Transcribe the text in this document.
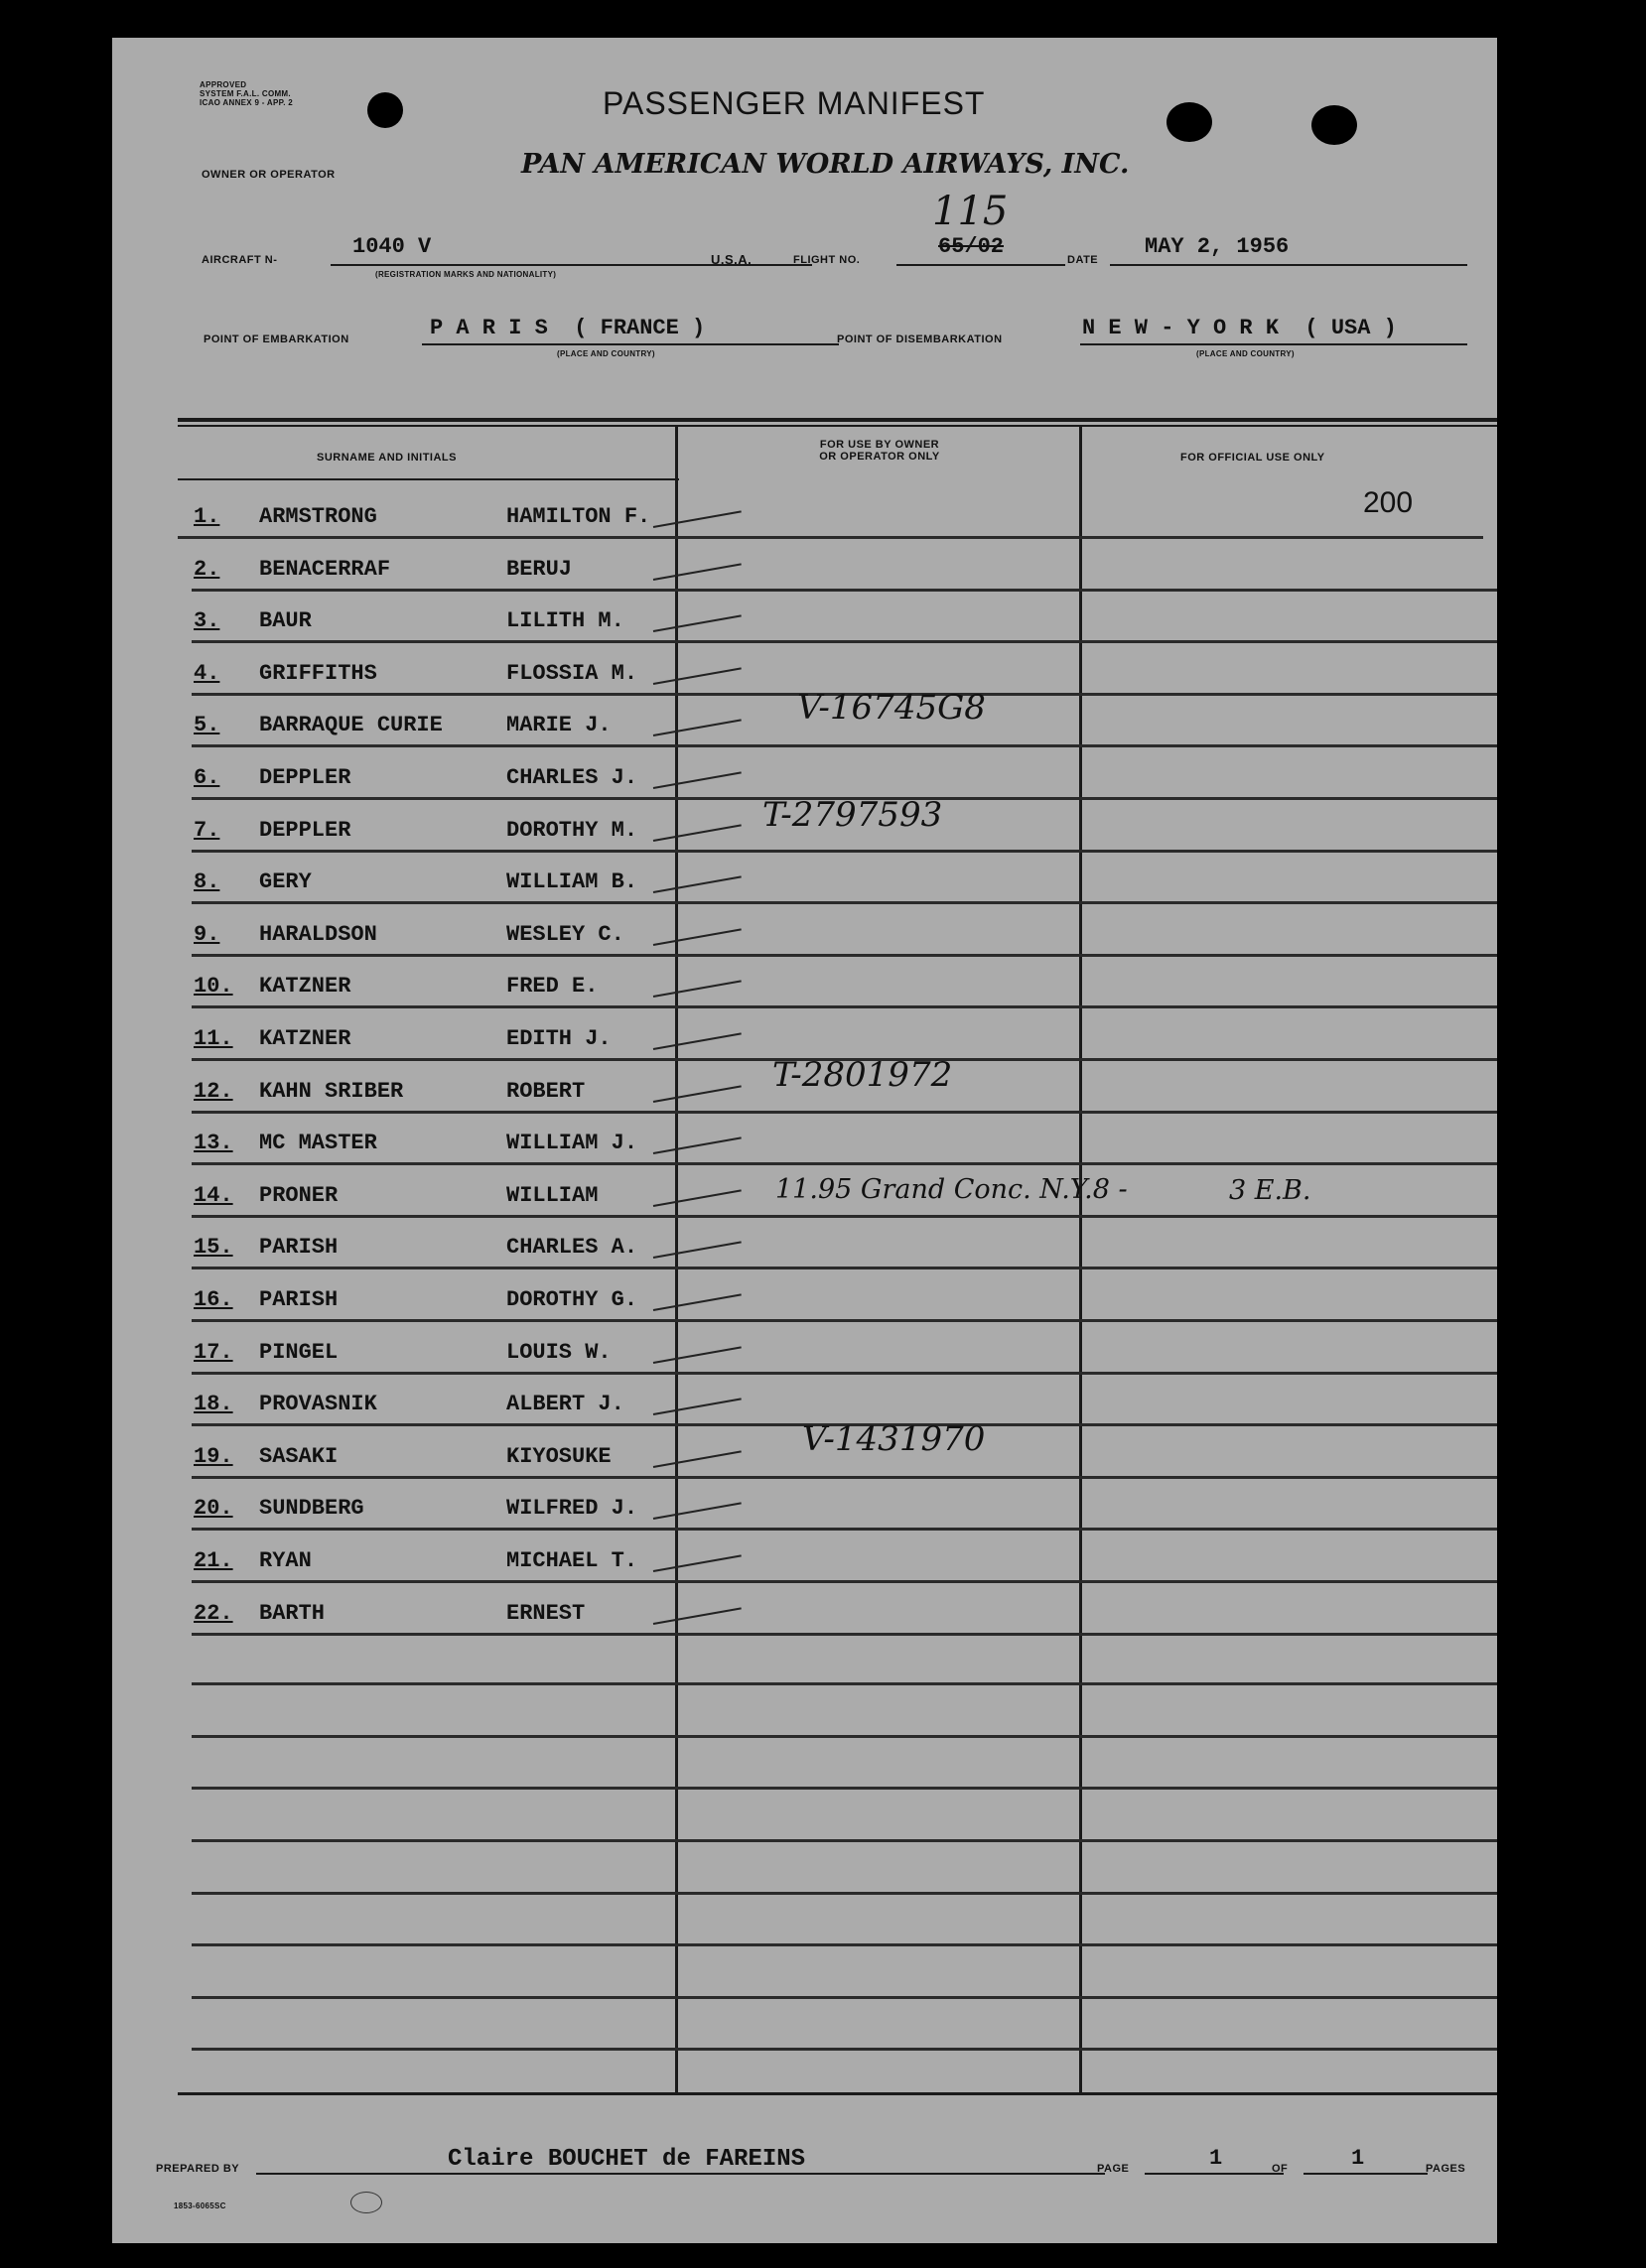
APPROVED
SYSTEM F.A.L. COMM.
ICAO ANNEX 9 - APP. 2	PASSENGER MANIFEST
OWNER OR OPERATOR	PAN AMERICAN WORLD AIRWAYS, INC.
AIRCRAFT N-
1040 V
(REGISTRATION MARKS AND NATIONALITY)
U.S.A.	FLIGHT NO.
65/02
115
DATE
MAY 2, 1956
POINT OF EMBARKATION	P A R I S  ( FRANCE )
(PLACE AND COUNTRY)
POINT OF DISEMBARKATION	N E W - Y O R K  ( USA )
(PLACE AND COUNTRY)
SURNAME AND INITIALS
FOR USE BY OWNER
OR OPERATOR ONLY	FOR OFFICIAL USE ONLY
200
1.	ARMSTRONG	HAMILTON F.
2.	BENACERRAF	BERUJ
3.	BAUR	LILITH M.
4.	GRIFFITHS	FLOSSIA M.
5.	BARRAQUE CURIE	MARIE J.
6.	DEPPLER	CHARLES J.
7.	DEPPLER	DOROTHY M.
8.	GERY	WILLIAM B.
9.	HARALDSON	WESLEY C.
10.	KATZNER	FRED E.
11.	KATZNER	EDITH J.
12.	KAHN SRIBER	ROBERT
13.	MC MASTER	WILLIAM J.
14.	PRONER	WILLIAM
15.	PARISH	CHARLES A.
16.	PARISH	DOROTHY G.
17.	PINGEL	LOUIS W.
18.	PROVASNIK	ALBERT J.
19.	SASAKI	KIYOSUKE
20.	SUNDBERG	WILFRED J.
21.	RYAN	MICHAEL T.
22.	BARTH	ERNEST
V-16745G8
T-2797593
T-2801972
11.95 Grand Conc. N.Y.8 -	3 E.B.
V-1431970
PREPARED BY	Claire BOUCHET de FAREINS	PAGE	1	OF	1	PAGES
1853-6065SC
